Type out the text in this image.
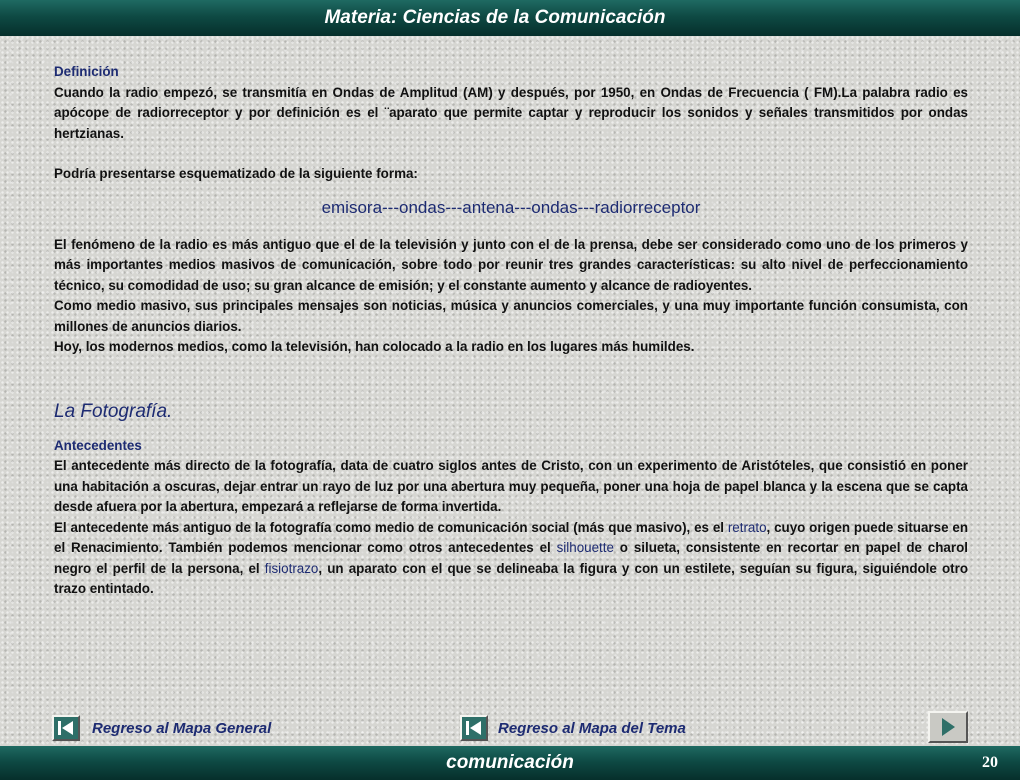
Materia: Ciencias de la Comunicación

Definición

Cuando la radio empezó, se transmitía en Ondas de Amplitud (AM) y después, por 1950, en Ondas de Frecuencia ( FM).La palabra radio es apócope de radiorreceptor y por definición es el ¨aparato que permite captar y reproducir los sonidos y señales transmitidos por ondas hertzianas.

Podría presentarse esquematizado de la siguiente forma:

emisora---ondas---antena---ondas---radiorreceptor

El fenómeno de la radio es más antiguo que el de la televisión y junto con el de la prensa, debe ser considerado como uno de los primeros y más importantes medios masivos de comunicación, sobre todo por reunir tres grandes características: su alto nivel de perfeccionamiento técnico, su comodidad de uso; su gran alcance de emisión; y el constante aumento y alcance de radioyentes.

Como medio masivo, sus principales mensajes son noticias, música y anuncios comerciales, y una muy importante función consumista, con millones de anuncios diarios.

Hoy, los modernos medios, como la televisión, han colocado a la radio en los lugares más humildes.

La Fotografía.

Antecedentes

El antecedente más directo de la fotografía, data de cuatro siglos antes de Cristo, con un experimento de Aristóteles, que consistió en poner una habitación a oscuras, dejar entrar un rayo de luz por una abertura muy pequeña, poner una hoja de papel blanca y la escena que se capta desde afuera por la abertura, empezará a reflejarse de forma invertida.

El antecedente más antiguo de la fotografía como medio de comunicación social (más que masivo), es el retrato, cuyo origen puede situarse en el Renacimiento. También podemos mencionar como otros antecedentes el silhouette o silueta, consistente en recortar en papel de charol negro el perfil de la persona, el fisiotrazo, un aparato con el que se delineaba la figura y con un estilete, seguían su figura, siguiéndole otro trazo entintado.

Regreso al Mapa General	Regreso al Mapa del Tema
comunicación	20
